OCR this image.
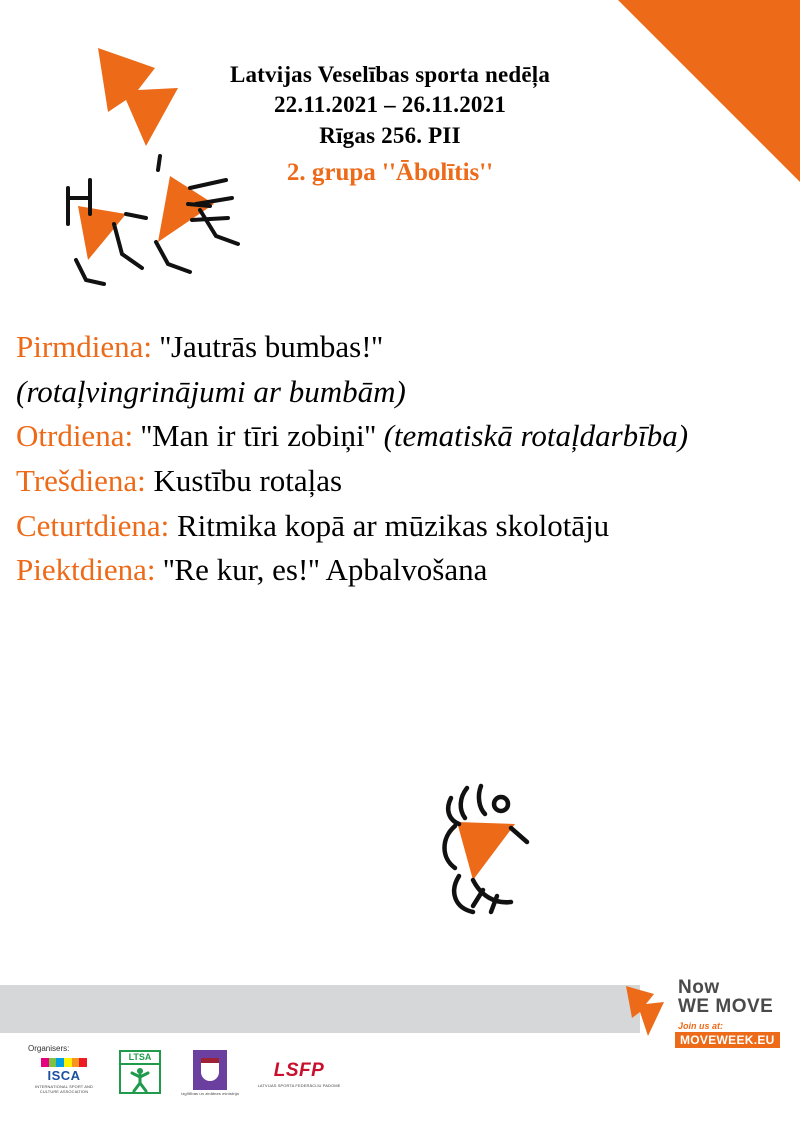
Latvijas Veselības sporta nedēļa
22.11.2021 – 26.11.2021
Rīgas 256. PII
2. grupa ''Ābolītis''
Pirmdiena: ''Jautrās bumbas!''
(rotaļvingrinājumi ar bumbām)
Otrdiena: ''Man ir tīri zobiņi'' (tematiskā rotaļdarbība)
Trešdiena: Kustību rotaļas
Ceturtdiena: Ritmika kopā ar mūzikas skolotāju
Piektdiena: ''Re kur, es!'' Apbalvošana
Now
WE MOVE
Join us at:
MOVEWEEK.EU
Organisers:
ISCA
INTERNATIONAL SPORT AND CULTURE ASSOCIATION
LTSA
Izglītības un zinātnes ministrija
LSFP
LATVIJAS SPORTA FEDERĀCIJU PADOME
